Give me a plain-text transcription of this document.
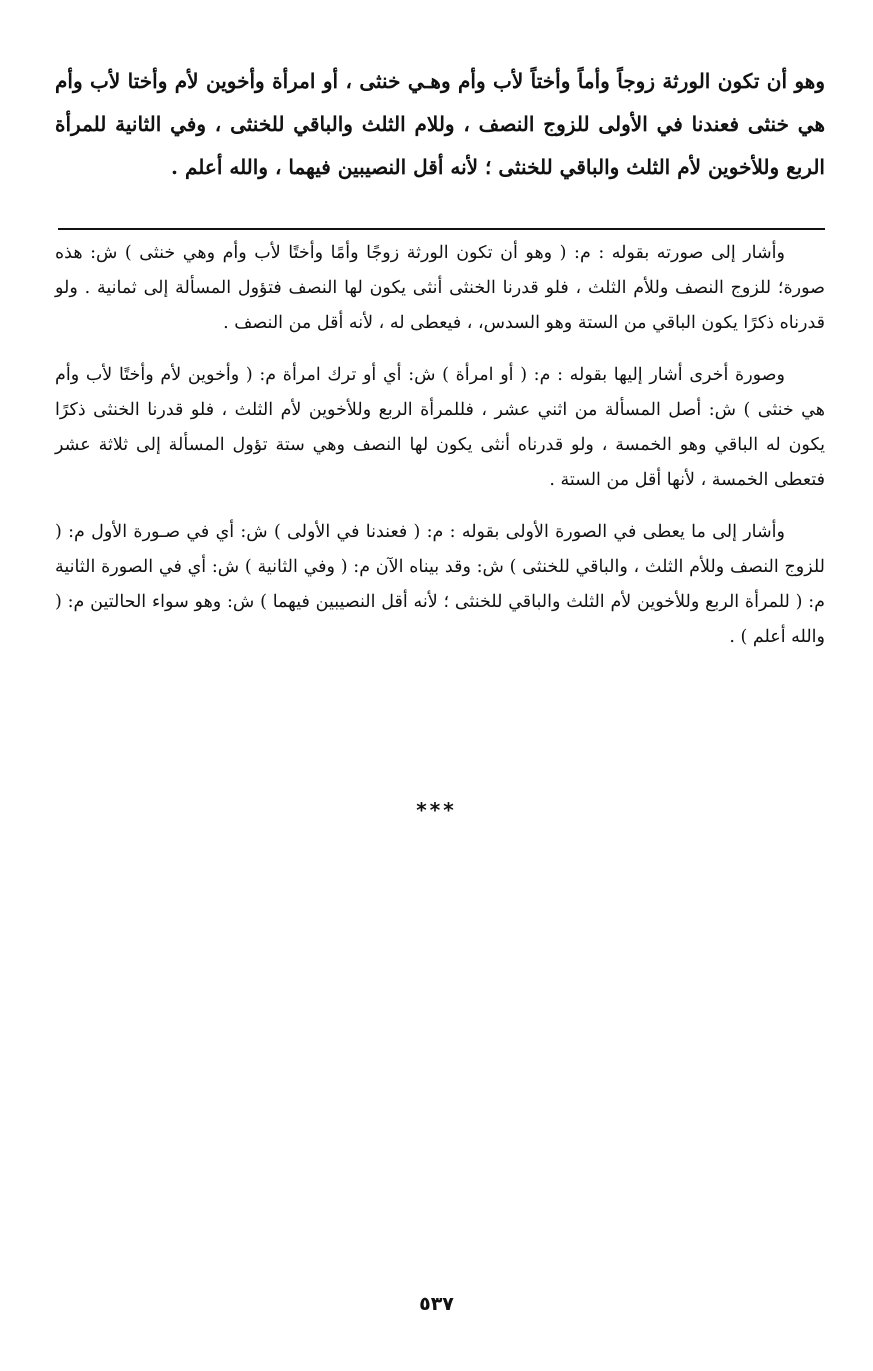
وهو أن تكون الورثة زوجاً وأماً وأختاً لأب وأم وهـي خنثى ، أو امرأة وأخوين لأم وأختا لأب وأم هي خنثى فعندنا في الأولى للزوج النصف ، وللام الثلث والباقي للخنثى ، وفي الثانية للمرأة الربع وللأخوين لأم الثلث والباقي للخنثى ؛ لأنه أقل النصيبين فيهما ، والله أعلم .

وأشار إلى صورته بقوله : م: ( وهو أن تكون الورثة زوجًا وأمًا وأختًا لأب وأم وهي خنثى ) ش: هذه صورة؛ للزوج النصف وللأم الثلث ، فلو قدرنا الخنثى أنثى يكون لها النصف فتؤول المسألة إلى ثمانية . ولو قدرناه ذكرًا يكون الباقي من الستة وهو السدس، ، فيعطى له ، لأنه أقل من النصف .

وصورة أخرى أشار إليها بقوله : م: ( أو امرأة ) ش: أي أو ترك امرأة م: ( وأخوين لأم وأختًا لأب وأم هي خنثى ) ش: أصل المسألة من اثني عشر ، فللمرأة الربع وللأخوين لأم الثلث ، فلو قدرنا الخنثى ذكرًا يكون له الباقي وهو الخمسة ، ولو قدرناه أنثى يكون لها النصف وهي ستة تؤول المسألة إلى ثلاثة عشر فتعطى الخمسة ، لأنها أقل من الستة .

وأشار إلى ما يعطى في الصورة الأولى بقوله : م: ( فعندنا في الأولى ) ش: أي في صـورة الأول م: ( للزوج النصف وللأم الثلث ، والباقي للخنثى ) ش: وقد بيناه الآن م: ( وفي الثانية ) ش: أي في الصورة الثانية م: ( للمرأة الربع وللأخوين لأم الثلث والباقي للخنثى ؛ لأنه أقل النصيبين فيهما ) ش: وهو سواء الحالتين م: ( والله أعلم ) .

***
٥٣٧
